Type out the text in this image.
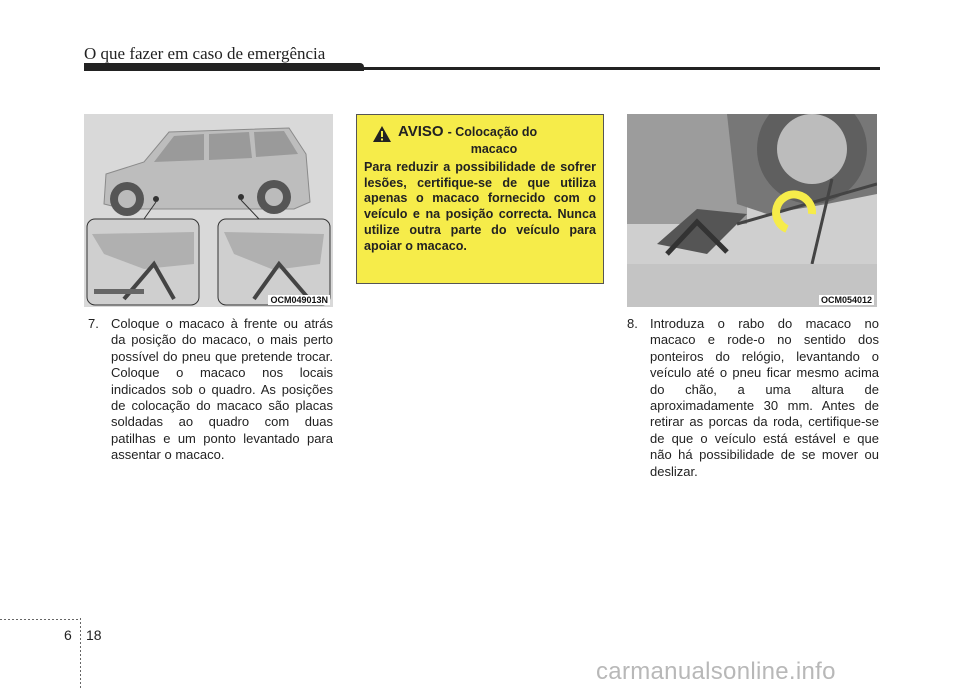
O que fazer em caso de emergência
OCM049013N	OCM054012
7. Coloque o macaco à frente ou atrás da posição do macaco, o mais perto possível do pneu que pretende trocar. Coloque o macaco nos locais indicados sob o quadro. As posições de colocação do macaco são placas soldadas ao quadro com duas patilhas e um ponto levantado para assentar o macaco.
AVISO - Colocação do
macaco
Para reduzir a possibilidade de sofrer lesões, certifique-se de que utiliza apenas o macaco fornecido com o veículo e na posição correcta. Nunca utilize outra parte do veículo para apoiar o macaco.
8. Introduza o rabo do macaco no macaco e rode-o no sentido dos ponteiros do relógio, levantando o veículo até o pneu ficar mesmo acima do chão, a uma altura de aproximadamente 30 mm. Antes de retirar as porcas da roda, certifique-se de que o veículo está estável e que não há possibilidade de se mover ou deslizar.
6 18
carmanualsonline.info
